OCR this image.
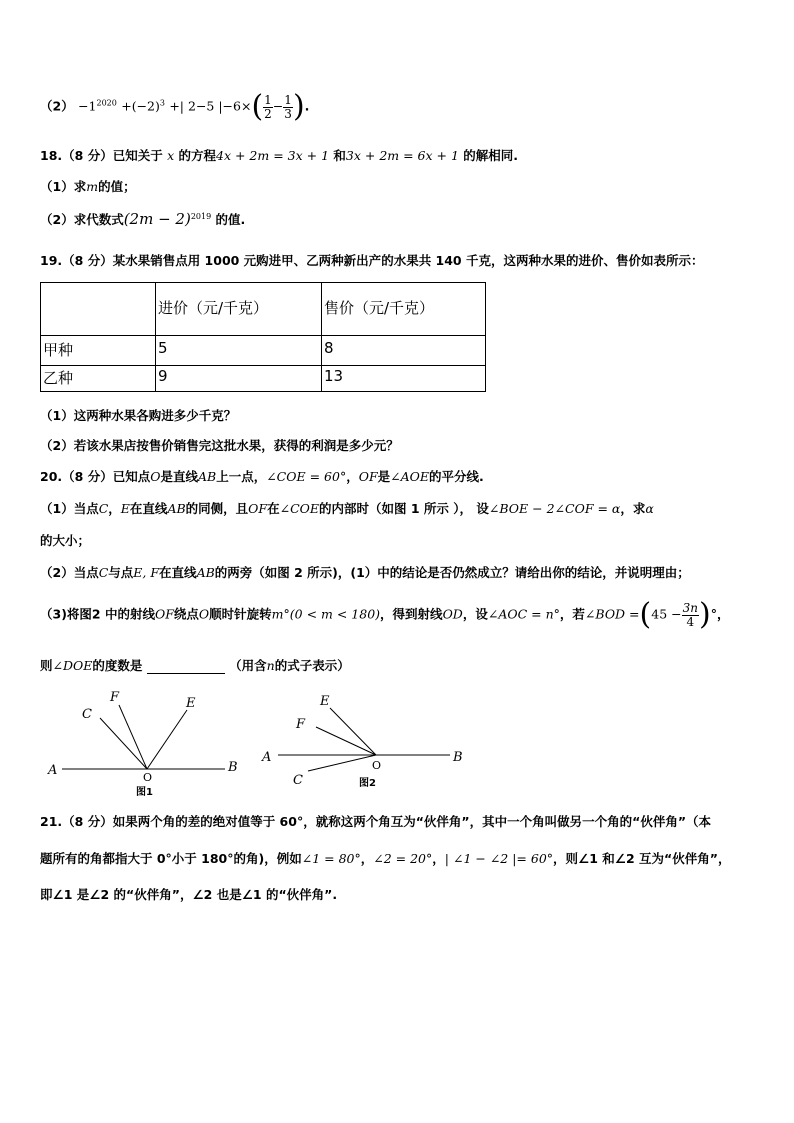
$(2) -1^{2020} +(-2)^3$ +| 2−5 $|-6\times( \frac{1}{2} - \frac{1}{3}$ ).
18.（8 分）已知关于 x 的方程4x + 2m = 3x + 1 和3x + 2m = 6x + 1 的解相同.
（1）求m的值；
（2）求代数式$(2m - 2)^{2019}$ 的值.
19.（8 分）某水果销售点用 1000 元购进甲、乙两种新出产的水果共 140 千克，这两种水果的进价、售价如表所示：
	进价（元/千克）	售价（元/千克）
甲种	5	8
乙种	9	13
（1）这两种水果各购进多少千克？
（2）若该水果店按售价销售完这批水果，获得的利润是多少元？
20.（8 分）已知点O是直线AB上一点，∠COE = 60°，OF是∠AOE的平分线.
（1）当点C，E在直线AB的同侧，且OF在∠COE的内部时（如图 1 所示 ）， 设∠BOE − 2∠COF = α，求α
的大小；
（2）当点C与点E, F在直线AB的两旁（如图 2 所示)，(1）中的结论是否仍然成立？请给出你的结论，并说明理由；
（3)将图2 中的射线OF绕点O顺时针旋转m°(0 < m < 180)，得到射线OD，设∠AOC = n°，若∠BOD $=(45 - \frac{3n}{4}$ )°，
则∠DOE的度数是	（用含n的式子表示）
A	B
C
F	E
O
图1
A	B
E
F
C
O
图2
21.（8 分）如果两个角的差的绝对值等于 60°，就称这两个角互为“伙伴角”，其中一个角叫做另一个角的“伙伴角”（本
题所有的角都指大于 0°小于 180°的角)，例如∠1 = 80°，∠2 = 20°，| ∠1 − ∠2 |= 60°，则∠1 和∠2 互为“伙伴角”，
即∠1 是∠2 的“伙伴角”，∠2 也是∠1 的“伙伴角”.
